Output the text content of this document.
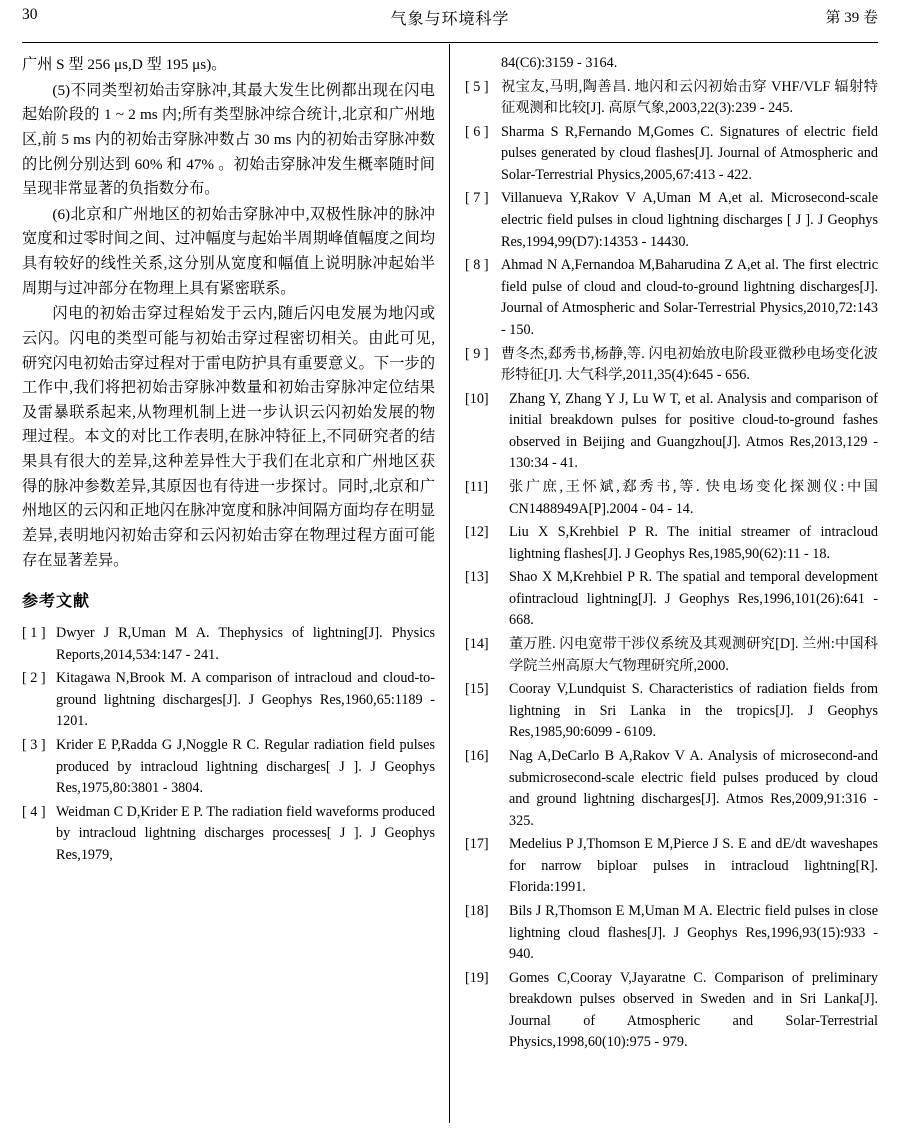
30	气象与环境科学	第 39 卷

广州 S 型 256 μs,D 型 195 μs)。

(5)不同类型初始击穿脉冲,其最大发生比例都出现在闪电起始阶段的 1 ~ 2 ms 内;所有类型脉冲综合统计,北京和广州地区,前 5 ms 内的初始击穿脉冲数占 30 ms 内的初始击穿脉冲数的比例分别达到 60% 和 47% 。初始击穿脉冲发生概率随时间呈现非常显著的负指数分布。

(6)北京和广州地区的初始击穿脉冲中,双极性脉冲的脉冲宽度和过零时间之间、过冲幅度与起始半周期峰值幅度之间均具有较好的线性关系,这分别从宽度和幅值上说明脉冲起始半周期与过冲部分在物理上具有紧密联系。

闪电的初始击穿过程始发于云内,随后闪电发展为地闪或云闪。闪电的类型可能与初始击穿过程密切相关。由此可见,研究闪电初始击穿过程对于雷电防护具有重要意义。下一步的工作中,我们将把初始击穿脉冲数量和初始击穿脉冲定位结果及雷暴联系起来,从物理机制上进一步认识云闪初始发展的物理过程。本文的对比工作表明,在脉冲特征上,不同研究者的结果具有很大的差异,这种差异性大于我们在北京和广州地区获得的脉冲参数差异,其原因也有待进一步探讨。同时,北京和广州地区的云闪和正地闪在脉冲宽度和脉冲间隔方面均存在明显差异,表明地闪初始击穿和云闪初始击穿在物理过程方面可能存在显著差异。

参考文献
[ 1 ] Dwyer J R,Uman M A. Thephysics of lightning[J]. Physics Reports,2014,534:147 - 241.
[ 2 ] Kitagawa N,Brook M. A comparison of intracloud and cloud-to-ground lightning discharges[J]. J Geophys Res,1960,65:1189 - 1201.
[ 3 ] Krider E P,Radda G J,Noggle R C. Regular radiation field pulses produced by intracloud lightning discharges[ J ]. J Geophys Res,1975,80:3801 - 3804.
[ 4 ] Weidman C D,Krider E P. The radiation field waveforms produced by intracloud lightning discharges processes[ J ]. J Geophys Res,1979,
84(C6):3159 - 3164.
[ 5 ] 祝宝友,马明,陶善昌. 地闪和云闪初始击穿 VHF/VLF 辐射特征观测和比较[J]. 高原气象,2003,22(3):239 - 245.
[ 6 ] Sharma S R,Fernando M,Gomes C. Signatures of electric field pulses generated by cloud flashes[J]. Journal of Atmospheric and Solar-Terrestrial Physics,2005,67:413 - 422.
[ 7 ] Villanueva Y,Rakov V A,Uman M A,et al. Microsecond-scale electric field pulses in cloud lightning discharges [ J ]. J Geophys Res,1994,99(D7):14353 - 14430.
[ 8 ] Ahmad N A,Fernandoa M,Baharudina Z A,et al. The first electric field pulse of cloud and cloud-to-ground lightning discharges[J]. Journal of Atmospheric and Solar-Terrestrial Physics,2010,72:143 - 150.
[ 9 ] 曹冬杰,郄秀书,杨静,等. 闪电初始放电阶段亚微秒电场变化波形特征[J]. 大气科学,2011,35(4):645 - 656.
[10]	Zhang Y, Zhang Y J, Lu W T, et al. Analysis and comparison of initial breakdown pulses for positive cloud-to-ground fashes observed in Beijing and Guangzhou[J]. Atmos Res,2013,129 - 130:34 - 41.
[11]	张广庶,王怀斌,郄秀书,等. 快电场变化探测仪:中国 CN1488949A[P].2004 - 04 - 14.
[12]	Liu X S,Krehbiel P R. The initial streamer of intracloud lightning flashes[J]. J Geophys Res,1985,90(62):11 - 18.
[13]	Shao X M,Krehbiel P R. The spatial and temporal development ofintracloud lightning[J]. J Geophys Res,1996,101(26):641 - 668.
[14]	董万胜. 闪电宽带干涉仪系统及其观测研究[D]. 兰州:中国科学院兰州高原大气物理研究所,2000.
[15]	Cooray V,Lundquist S. Characteristics of radiation fields from lightning in Sri Lanka in the tropics[J]. J Geophys Res,1985,90:6099 - 6109.
[16]	Nag A,DeCarlo B A,Rakov V A. Analysis of microsecond-and submicrosecond-scale electric field pulses produced by cloud and ground lightning discharges[J]. Atmos Res,2009,91:316 - 325.
[17]	Medelius P J,Thomson E M,Pierce J S. E and dE/dt waveshapes for narrow biploar pulses in intracloud lightning[R]. Florida:1991.
[18]	Bils J R,Thomson E M,Uman M A. Electric field pulses in close lightning cloud flashes[J]. J Geophys Res,1996,93(15):933 - 940.
[19]	Gomes C,Cooray V,Jayaratne C. Comparison of preliminary breakdown pulses observed in Sweden and in Sri Lanka[J]. Journal of Atmospheric and Solar-Terrestrial Physics,1998,60(10):975 - 979.
